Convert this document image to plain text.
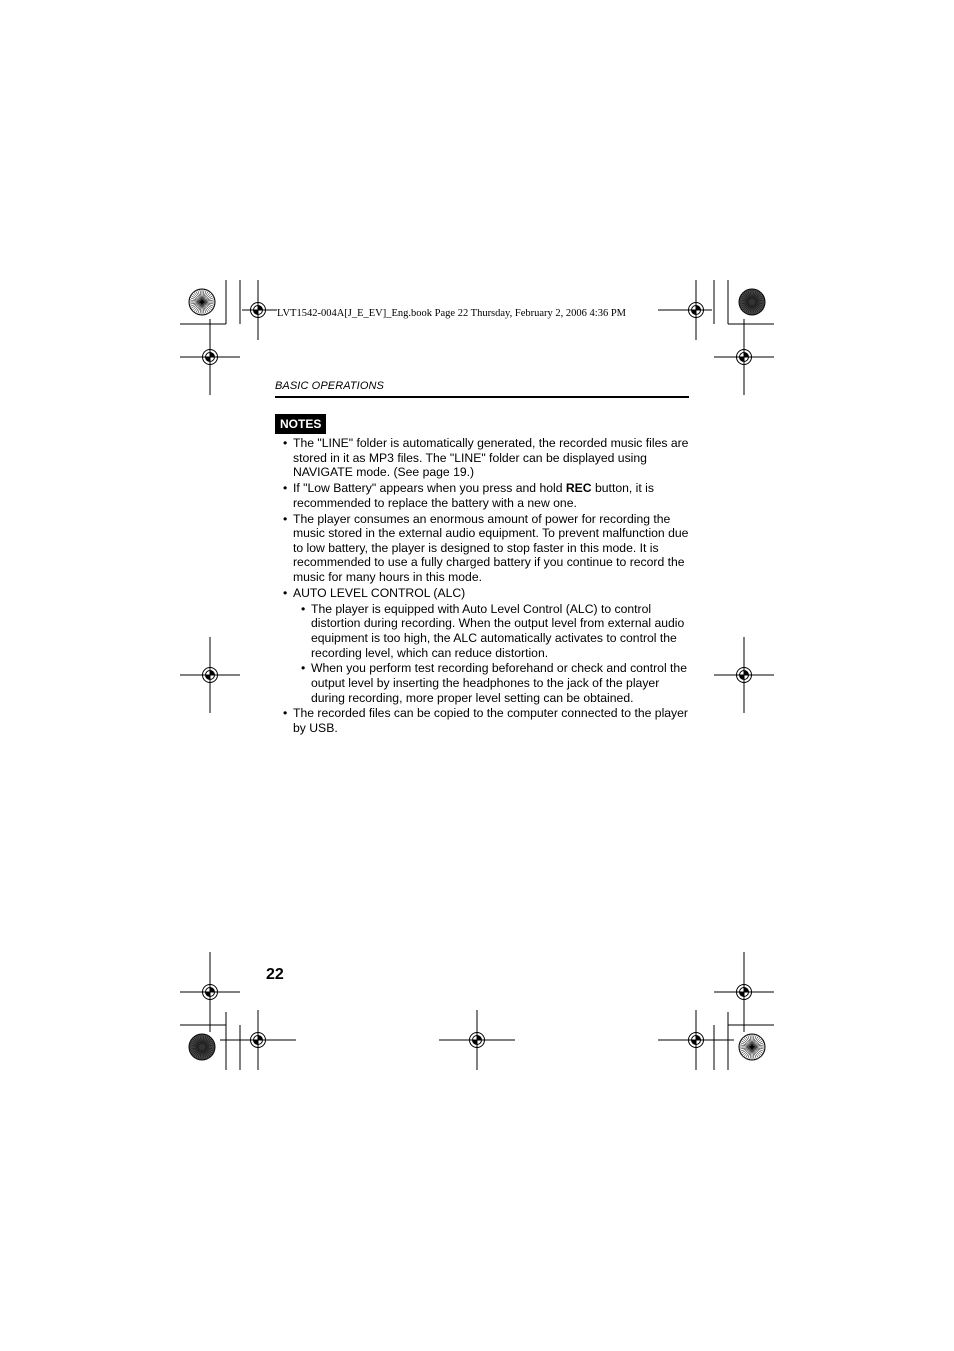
LVT1542-004A[J_E_EV]_Eng.book Page 22 Thursday, February 2, 2006 4:36 PM
BASIC OPERATIONS
NOTES
• The "LINE" folder is automatically generated, the recorded music files are stored in it as MP3 files. The "LINE" folder can be displayed using NAVIGATE mode. (See page 19.)
• If "Low Battery" appears when you press and hold REC button, it is recommended to replace the battery with a new one.
• The player consumes an enormous amount of power for recording the music stored in the external audio equipment. To prevent malfunction due to low battery, the player is designed to stop faster in this mode. It is recommended to use a fully charged battery if you continue to record the music for many hours in this mode.
• AUTO LEVEL CONTROL (ALC)
• The player is equipped with Auto Level Control (ALC) to control distortion during recording. When the output level from external audio equipment is too high, the ALC automatically activates to control the recording level, which can reduce distortion.
• When you perform test recording beforehand or check and control the output level by inserting the headphones to the jack of the player during recording, more proper level setting can be obtained.
• The recorded files can be copied to the computer connected to the player by USB.
22
